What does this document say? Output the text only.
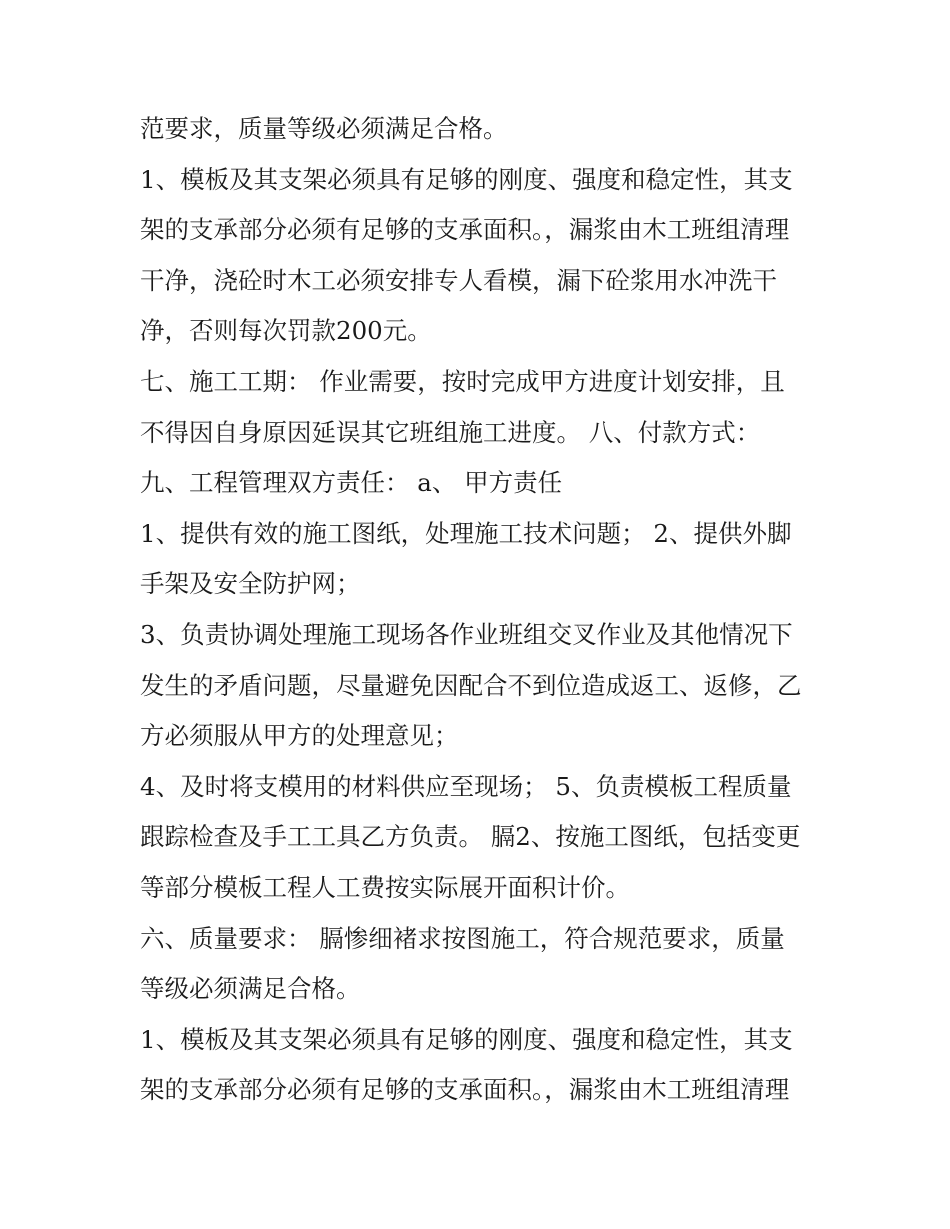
范要求，质量等级必须满足合格。
1、模板及其支架必须具有足够的刚度、强度和稳定性，其支
架的支承部分必须有足够的支承面积。，漏浆由木工班组清理
干净，浇砼时木工必须安排专人看模，漏下砼浆用水冲洗干
净，否则每次罚款200元。
七、施工工期： 作业需要，按时完成甲方进度计划安排，且
不得因自身原因延误其它班组施工进度。 八、付款方式：
九、工程管理双方责任： a、 甲方责任
1、提供有效的施工图纸，处理施工技术问题； 2、提供外脚
手架及安全防护网；
3、负责协调处理施工现场各作业班组交叉作业及其他情况下
发生的矛盾问题，尽量避免因配合不到位造成返工、返修，乙
方必须服从甲方的处理意见；
4、及时将支模用的材料供应至现场； 5、负责模板工程质量
跟踪检查及手工工具乙方负责。 膈2、按施工图纸，包括变更
等部分模板工程人工费按实际展开面积计价。
六、质量要求： 膈惨细褚求按图施工，符合规范要求，质量
等级必须满足合格。
1、模板及其支架必须具有足够的刚度、强度和稳定性，其支
架的支承部分必须有足够的支承面积。，漏浆由木工班组清理
